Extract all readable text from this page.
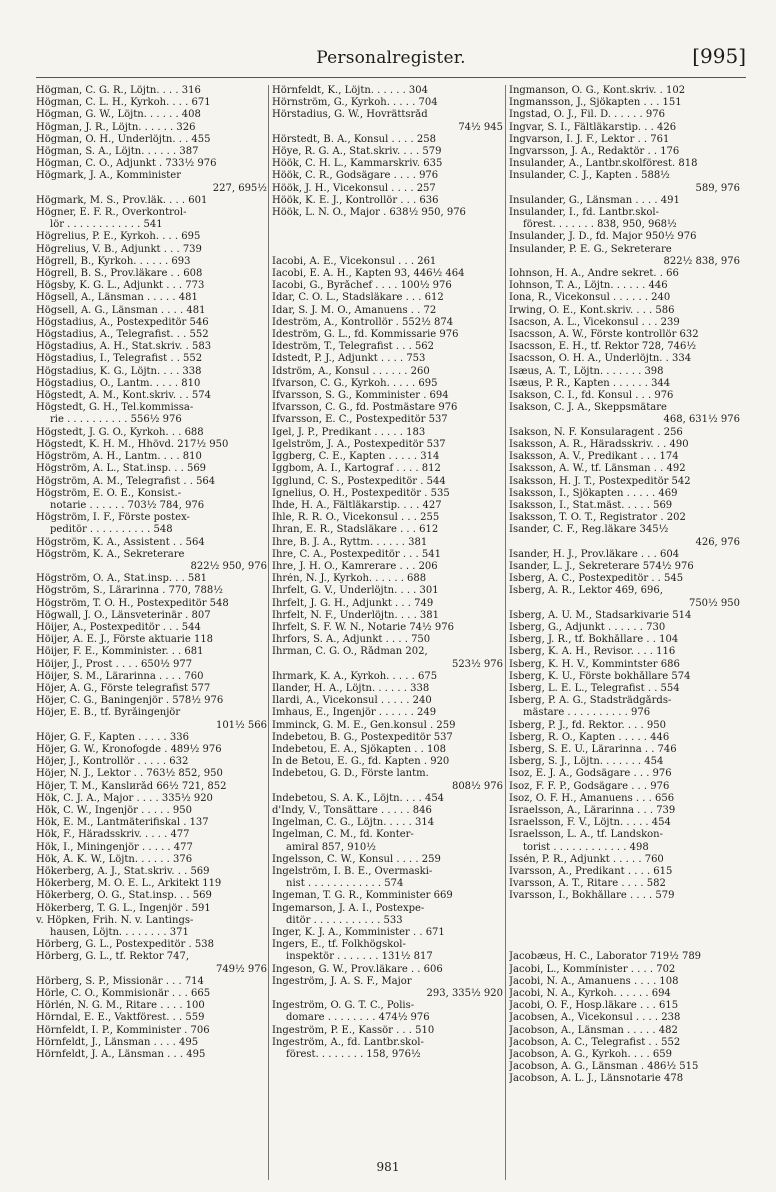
Personalregister.	[995]
Högman, C. G. R., Löjtn. . . . 316
Högman, C. L. H., Kyrkoh. . . . 671
Högman, G. W., Löjtn. . . . . . 408
Högman, J. R., Löjtn. . . . . . 326
Högman, O. H., Underlöjtn. . . 455
Högman, S. A., Löjtn. . . . . . 387
Högman, C. O., Adjunkt . 733½ 976
Högmark, J. A., Komminister
227, 695½
Högmark, M. S., Prov.läk. . . . 601
Högner, E. F. R., Överkontrol-
lör . . . . . . . . . . . . 541
Högrelius, P. E., Kyrkoh. . . . 695
Högrelius, V. B., Adjunkt . . . 739
Högrell, B., Kyrkoh. . . . . . 693
Högrell, B. S., Prov.läkare . . 608
Högsby, K. G. L., Adjunkt . . . 773
Högsell, A., Länsman . . . . . 481
Högsell, A. G., Länsman . . . . 481
Högstadius, A., Postexpeditör 546
Högstadius, A., Telegrafist. . . 552
Högstadius, A. H., Stat.skriv. . 583
Högstadius, I., Telegrafist . . 552
Högstadius, K. G., Löjtn. . . . 338
Högstadius, O., Lantm. . . . . 810
Högstedt, A. M., Kont.skriv. . . 574
Högstedt, G. H., Tel.kommissa-
rie . . . . . . . . . . 556½ 976
Högstedt, J. G. O., Kyrkoh. . . 688
Högstedt, K. H. M., Hhövd. 217½ 950
Högström, A. H., Lantm. . . . 810
Högström, A. L., Stat.insp. . . 569
Högström, A. M., Telegrafist . . 564
Högström, E. O. E., Konsist.-
notarie . . . . . . 703½ 784, 976
Högström, I. F., Förste postex-
peditör . . . . . . . . . . 548
Högström, K. A., Assistent . . 564
Högström, K. A., Sekreterare
822½ 950, 976
Högström, O. A., Stat.insp. . . 581
Högström, S., Lärarinna . 770, 788½
Högström, T. O. H., Postexpeditör 548
Högwall, J. O., Länsveterinär . 807
Höijer, A., Postexpeditör . . . 544
Höijer, A. E. J., Förste aktuarie 118
Höijer, F. E., Komminister. . . 681
Höijer, J., Prost . . . . 650½ 977
Höijer, S. M., Lärarinna . . . . 760
Höjer, A. G., Förste telegrafist 577
Höjer, C. G., Baningenjör . 578½ 976
Höjer, E. B., tf. Byråingenjör
101½ 566
Höjer, G. F., Kapten . . . . . 336
Höjer, G. W., Kronofogde . 489½ 976
Höjer, J., Kontrollör . . . . . 632
Höjer, N. J., Lektor . . 763½ 852, 950
Höjer, T. M., Kanslиråd 66½ 721, 852
Hök, C. J. A., Major . . . . 335½ 920
Hök, C. W., Ingenjör . . . . . 950
Hök, E. M., Lantmäterifiskal . 137
Hök, F., Häradsskriv. . . . . 477
Hök, I., Miningenjör . . . . . 477
Hök, Å. K. W., Löjtn. . . . . . 376
Hökerberg, A. J., Stat.skriv. . . 569
Hökerberg, M. O. E. L., Arkitekt 119
Hökerberg, O. G., Stat.insp. . . 569
Hökerberg, T. G. L., Ingenjör . 591
v. Höpken, Frih. N. v. Lantings-
hausen, Löjtn. . . . . . . . 371
Hörberg, G. L., Postexpeditör . 538
Hörberg, G. L., tf. Rektor 747,
749½ 976
Hörberg, S. P., Missionär . . . 714
Hörle, C. O., Kommisionär . . . 665
Hörlén, N. G. M., Ritare . . . . 100
Hörndal, E. E., Vaktförest. . . 559
Hörnfeldt, I. P., Komminister . 706
Hörnfeldt, J., Länsman . . . . 495
Hörnfeldt, J. A., Länsman . . . 495
Hörnfeldt, K., Löjtn. . . . . . 304
Hörnström, G., Kyrkoh. . . . . 704
Hörstadius, G. W., Hovrättsråd
74½ 945
Hörstedt, B. A., Konsul . . . . 258
Höye, R. G. A., Stat.skriv. . . . 579
Höök, C. H. L., Kammarskriv. 635
Höök, C. R., Godsägare . . . . 976
Höök, J. H., Vicekonsul . . . . 257
Höök, K. E. J., Kontrollör . . . 636
Höök, L. N. O., Major . 638½ 950, 976

Iacobi, A. E., Vicekonsul . . . 261
Iacobi, E. A. H., Kapten 93, 446½ 464
Iacobi, G., Byråchef . . . . 100½ 976
Idar, C. O. L., Stadsläkare . . . 612
Idar, S. J. M. O., Amanuens . . 72
Ideström, A., Kontrollör . 552½ 874
Ideström, G. L., fd. Kommissarie 976
Ideström, T., Telegrafist . . . 562
Idstedt, P. J., Adjunkt . . . . 753
Idström, A., Konsul . . . . . . 260
Ifvarson, C. G., Kyrkoh. . . . . 695
Ifvarsson, S. G., Komminister . 694
Ifvarsson, C. G., fd. Postmästare 976
Ifvarsson, E. C., Postexpeditör 537
Igel, J. P., Predikant . . . . . 183
Igelström, J. A., Postexpeditör 537
Iggberg, C. E., Kapten . . . . . 314
Iggbom, A. I., Kartograf . . . . 812
Igglund, C. S., Postexpeditör . 544
Ignelius, O. H., Postexpeditör . 535
Ihde, H. A., Fältläkarstip. . . . 427
Ihle, R. R. O., Vicekonsul . . . 255
Ihran, E. R., Stadsläkare . . . 612
Ihre, B. J. A., Ryttm. . . . . . 381
Ihre, C. A., Postexpeditör . . . 541
Ihre, J. H. O., Kamrerare . . . 206
Ihrén, N. J., Kyrkoh. . . . . . 688
Ihrfelt, G. V., Underlöjtn. . . . 301
Ihrfelt, J. G. H., Adjunkt . . . 749
Ihrfelt, N. F., Underlöjtn. . . . 381
Ihrfelt, S. F. W. N., Notarie 74½ 976
Ihrfors, S. A., Adjunkt . . . . 750
Ihrman, C. G. O., Rådman 202,
523½ 976
Ihrmark, K. A., Kyrkoh. . . . . 675
Ilander, H. A., Löjtn. . . . . . 338
Ilardi, A., Vicekonsul . . . . . 240
Imhaus, E., Ingenjör . . . . . . 249
Imminck, G. M. E., Gen.konsul . 259
Indebetou, B. G., Postexpeditör 537
Indebetou, E. A., Sjökapten . . 108
In de Betou, E. G., fd. Kapten . 920
Indebetou, G. D., Förste lantm.
808½ 976
Indebetou, S. A. K., Löjtn. . . . 454
d'Indy, V., Tonsättare . . . . . 846
Ingelman, C. G., Löjtn. . . . . 314
Ingelman, C. M., fd. Konter-
amiral 857, 910½
Ingelsson, C. W., Konsul . . . . 259
Ingelström, I. B. E., Övermaski-
nist . . . . . . . . . . . . 574
Ingeman, T. G. R., Komminister 669
Ingemarson, J. A. I., Postexpe-
ditör . . . . . . . . . . . 533
Inger, K. J. A., Komminister . . 671
Ingers, E., tf. Folkhögskol-
inspektör . . . . . . . 131½ 817
Ingeson, G. W., Prov.läkare . . 606
Ingeström, J. A. S. F., Major
293, 335½ 920
Ingeström, O. G. T. C., Polis-
domare . . . . . . . . 474½ 976
Ingeström, P. E., Kassör . . . 510
Ingeström, A., fd. Lantbr.skol-
förest. . . . . . . . 158, 976½
Ingmanson, O. G., Kont.skriv. . 102
Ingmansson, J., Sjökapten . . . 151
Ingstad, O. J., Fil. D. . . . . . 976
Ingvar, S. I., Fältläkarstip. . . 426
Ingvarson, I. J. F., Lektor . . 761
Ingvarsson, J. A., Redaktör . . 176
Insulander, A., Lantbr.skolförest. 818
Insulander, C. J., Kapten . 588½
589, 976
Insulander, G., Länsman . . . . 491
Insulander, I., fd. Lantbr.skol-
förest. . . . . . . 838, 950, 968½
Insulander, J. D., fd. Major 950½ 976
Insulander, P. E. G., Sekreterare
822½ 838, 976
Iohnson, H. A., Andre sekret. . 66
Iohnson, T. A., Löjtn. . . . . . 446
Iona, R., Vicekonsul . . . . . . 240
Irwing, O. E., Kont.skriv. . . . 586
Isacson, A. L., Vicekonsul . . . 239
Isacsson, A. W., Förste kontrollör 632
Isacsson, E. H., tf. Rektor 728, 746½
Isacsson, O. H. A., Underlöjtn. . 334
Isæus, A. T., Löjtn. . . . . . . 398
Isæus, P. R., Kapten . . . . . . 344
Isakson, C. I., fd. Konsul . . . 976
Isakson, C. J. A., Skeppsmätare
468, 631½ 976
Isakson, N. F. Konsularagent . 256
Isaksson, A. R., Häradsskriv. . . 490
Isaksson, A. V., Predikant . . . 174
Isaksson, A. W., tf. Länsman . . 492
Isaksson, H. J. T., Postexpeditör 542
Isaksson, I., Sjökapten . . . . . 469
Isaksson, I., Stat.mäst. . . . . 569
Isaksson, T. O. T., Registrator . 202
Isander, C. F., Reg.läkare 345½
426, 976
Isander, H. J., Prov.läkare . . . 604
Isander, L. J., Sekreterare 574½ 976
Isberg, A. C., Postexpeditör . . 545
Isberg, A. R., Lektor 469, 696,
750½ 950
Isberg, A. U. M., Stadsarkivarie 514
Isberg, G., Adjunkt . . . . . . 730
Isberg, J. R., tf. Bokhållare . . 104
Isberg, K. A. H., Revisor. . . . 116
Isberg, K. H. V., Kommintster 686
Isberg, K. U., Förste bokhållare 574
Isberg, L. E. L., Telegrafist . . 554
Isberg, P. A. G., Stadsträdgårds-
mästare . . . . . . . . . . 976
Isberg, P. J., fd. Rektor. . . . 950
Isberg, R. O., Kapten . . . . . 446
Isberg, S. E. U., Lärarinna . . 746
Isberg, S. J., Löjtn. . . . . . . 454
Isoz, E. J. A., Godsägare . . . 976
Isoz, F. F. P., Godsägare . . . 976
Isoz, O. F. H., Amanuens . . . 656
Israelsson, A., Lärarinna . . . 739
Israelsson, F. V., Löjtn. . . . . 454
Israelsson, L. A., tf. Landskon-
torist . . . . . . . . . . . . 498
Issén, P. R., Adjunkt . . . . . 760
Ivarsson, A., Predikant . . . . 615
Ivarsson, A. T., Ritare . . . . 582
Ivarsson, I., Bokhållare . . . . 579

Jacobæus, H. C., Laborator 719½ 789
Jacobi, L., Kommínister . . . . 702
Jacobi, N. A., Amanuens . . . . 108
Jacobi, N. A., Kyrkoh. . . . . . 694
Jacobi, O. F., Hosp.läkare . . . 615
Jacobsen, A., Vicekonsul . . . . 238
Jacobson, A., Länsman . . . . . 482
Jacobson, A. C., Telegrafist . . 552
Jacobson, A. G., Kyrkoh. . . . 659
Jacobson, A. G., Länsman . 486½ 515
Jacobson, A. L. J., Länsnotarie 478
981
